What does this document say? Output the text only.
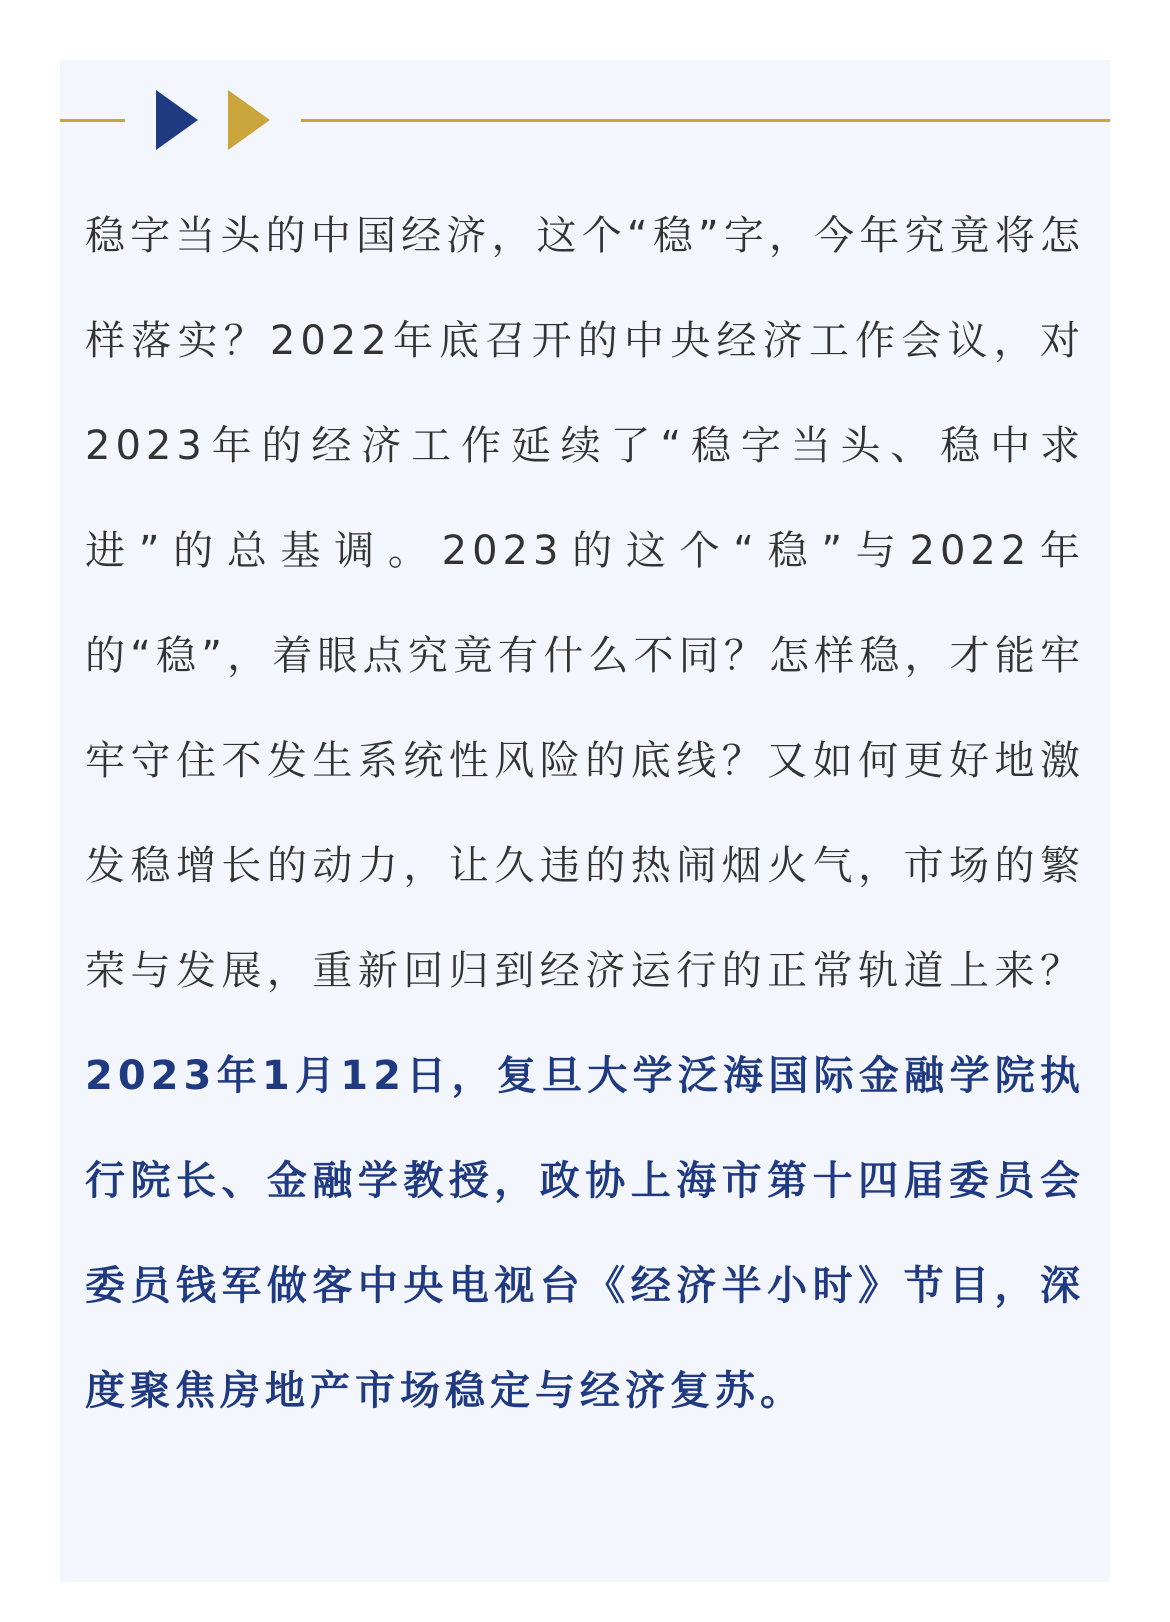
稳字当头的中国经济，这个“稳”字，今年究竟将怎样落实？2022年底召开的中央经济工作会议，对2023年的经济工作延续了“稳字当头、稳中求进”的总基调。2023的这个“稳”与2022年的“稳”，着眼点究竟有什么不同？怎样稳，才能牢牢守住不发生系统性风险的底线？又如何更好地激发稳增长的动力，让久违的热闹烟火气，市场的繁荣与发展，重新回归到经济运行的正常轨道上来？2023年1月12日，复旦大学泛海国际金融学院执行院长、金融学教授，政协上海市第十四届委员会委员钱军做客中央电视台《经济半小时》节目，深度聚焦房地产市场稳定与经济复苏。
